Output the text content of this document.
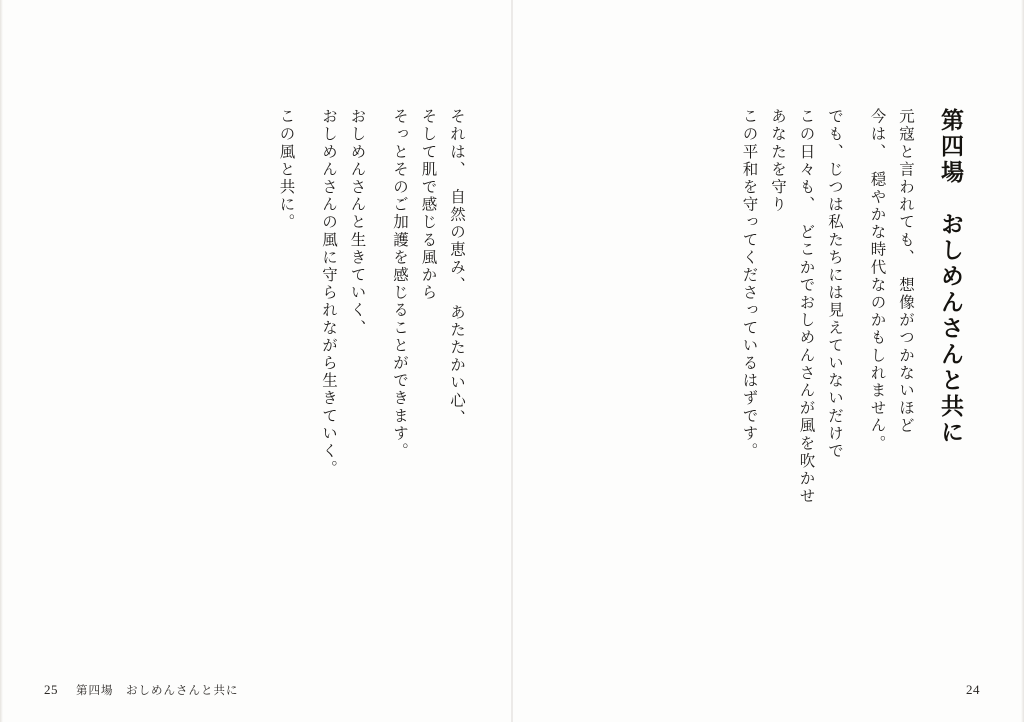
第四場　おしめんさんと共に
元寇と言われても、　想像がつかないほど
今は、　穏やかな時代なのかもしれません。
でも、じつは私たちには見えていないだけで
この日々も、　どこかでおしめんさんが風を吹かせ
あなたを守り
この平和を守ってくださっているはずです。
24
それは、　自然の恵み、　あたたかい心、
そして肌で感じる風から
そっとそのご加護を感じることができます。
おしめんさんと生きていく、
おしめんさんの風に守られながら生きていく。
この風と共に。
25 第四場　おしめんさんと共に
